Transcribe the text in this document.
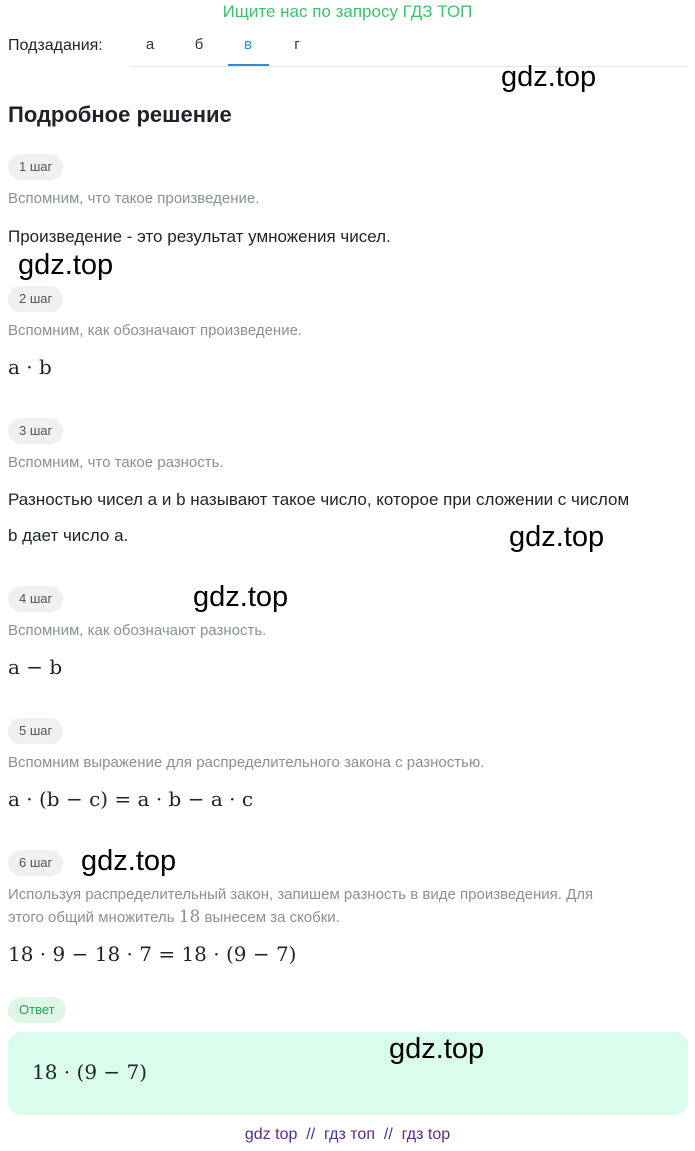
Ищите нас по запросу ГДЗ ТОП
Подзадания:	а	б	в	г
Подробное решение
1 шаг
Вспомним, что такое произведение.
Произведение - это результат умножения чисел.
2 шаг
Вспомним, как обозначают произведение.
a · b
3 шаг
Вспомним, что такое разность.
Разностью чисел a и b называют такое число, которое при сложении с числом
b дает число a.
4 шаг
Вспомним, как обозначают разность.
a − b
5 шаг
Вспомним выражение для распределительного закона с разностью.
a · (b − c) = a · b − a · c
6 шаг
Используя распределительный закон, запишем разность в виде произведения. Для
этого общий множитель 18 вынесем за скобки.
18 · 9 − 18 · 7 = 18 · (9 − 7)
Ответ
18 · (9 − 7)
gdz.top
gdz.top
gdz.top
gdz.top
gdz.top
gdz.top
gdz top  //  гдз топ  //  гдз top
